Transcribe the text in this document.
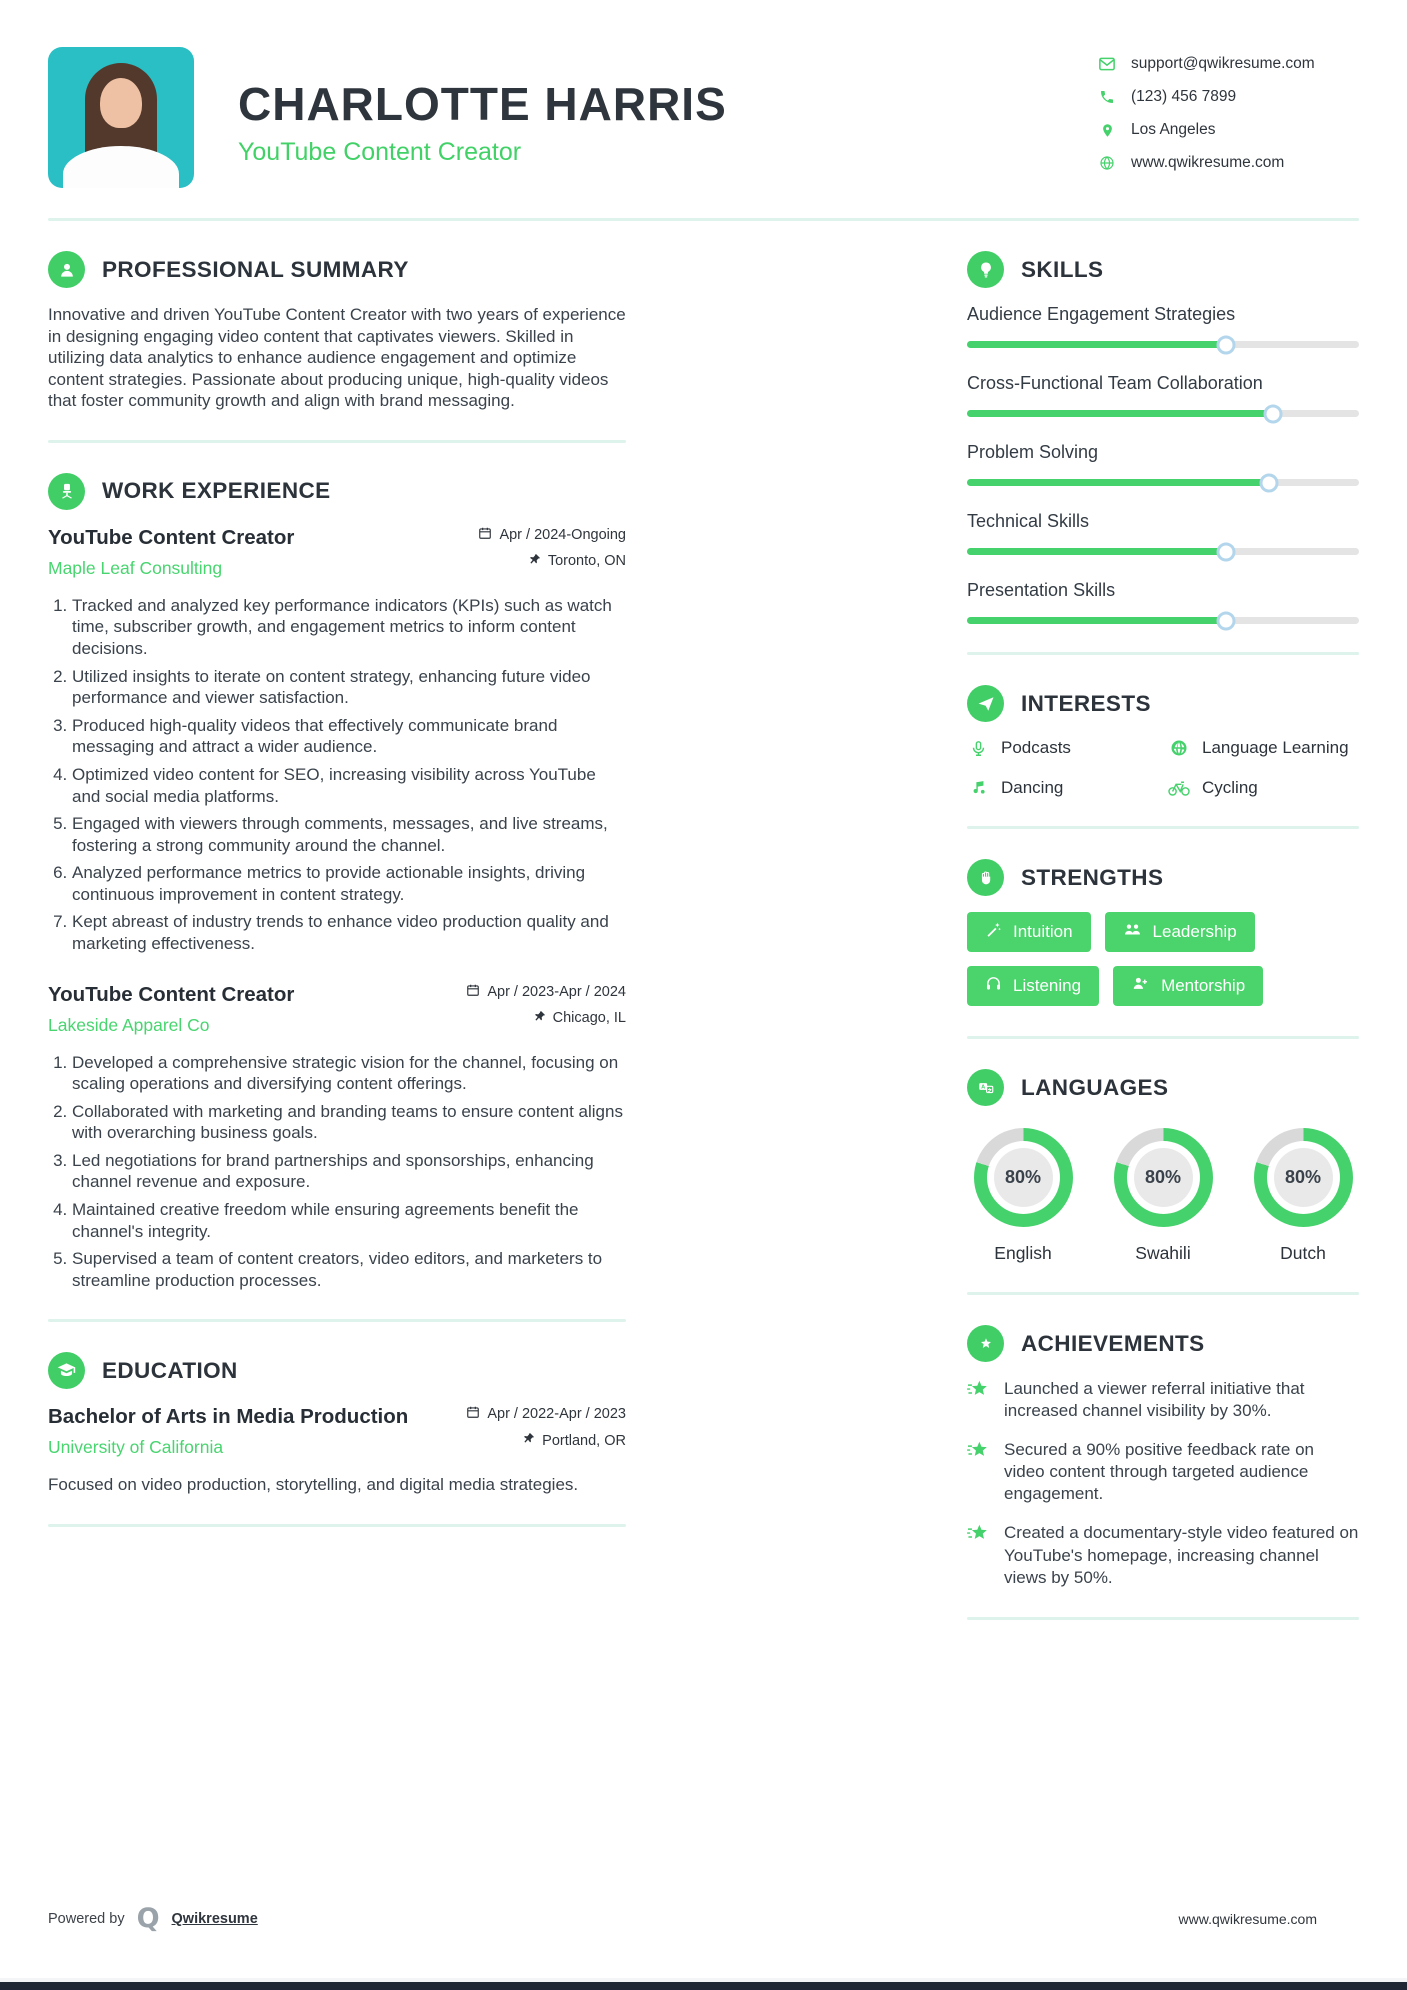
CHARLOTTE HARRIS
YouTube Content Creator
support@qwikresume.com
(123) 456 7899
Los Angeles
www.qwikresume.com
PROFESSIONAL SUMMARY

Innovative and driven YouTube Content Creator with two years of experience in designing engaging video content that captivates viewers. Skilled in utilizing data analytics to enhance audience engagement and optimize content strategies. Passionate about producing unique, high-quality videos that foster community growth and align with brand messaging.

WORK EXPERIENCE
YouTube Content Creator
Maple Leaf Consulting
Apr / 2024-Ongoing
Toronto, ON
1. Tracked and analyzed key performance indicators (KPIs) such as watch time, subscriber growth, and engagement metrics to inform content decisions.
2. Utilized insights to iterate on content strategy, enhancing future video performance and viewer satisfaction.
3. Produced high-quality videos that effectively communicate brand messaging and attract a wider audience.
4. Optimized video content for SEO, increasing visibility across YouTube and social media platforms.
5. Engaged with viewers through comments, messages, and live streams, fostering a strong community around the channel.
6. Analyzed performance metrics to provide actionable insights, driving continuous improvement in content strategy.
7. Kept abreast of industry trends to enhance video production quality and marketing effectiveness.
YouTube Content Creator
Lakeside Apparel Co
Apr / 2023-Apr / 2024
Chicago, IL
1. Developed a comprehensive strategic vision for the channel, focusing on scaling operations and diversifying content offerings.
2. Collaborated with marketing and branding teams to ensure content aligns with overarching business goals.
3. Led negotiations for brand partnerships and sponsorships, enhancing channel revenue and exposure.
4. Maintained creative freedom while ensuring agreements benefit the channel's integrity.
5. Supervised a team of content creators, video editors, and marketers to streamline production processes.
EDUCATION
Bachelor of Arts in Media Production
University of California
Apr / 2022-Apr / 2023
Portland, OR

Focused on video production, storytelling, and digital media strategies.

SKILLS
Audience Engagement Strategies
Cross-Functional Team Collaboration
Problem Solving
Technical Skills
Presentation Skills
INTERESTS
Podcasts	Language Learning
Dancing	Cycling
STRENGTHS
Intuition	Leadership
Listening	Mentorship
A LANGUAGES
80%
English
80%
Swahili
80%
Dutch
ACHIEVEMENTS
Launched a viewer referral initiative that increased channel visibility by 30%.
Secured a 90% positive feedback rate on video content through targeted audience engagement.
Created a documentary-style video featured on YouTube's homepage, increasing channel views by 50%.
Powered by Q Qwikresume	www.qwikresume.com
